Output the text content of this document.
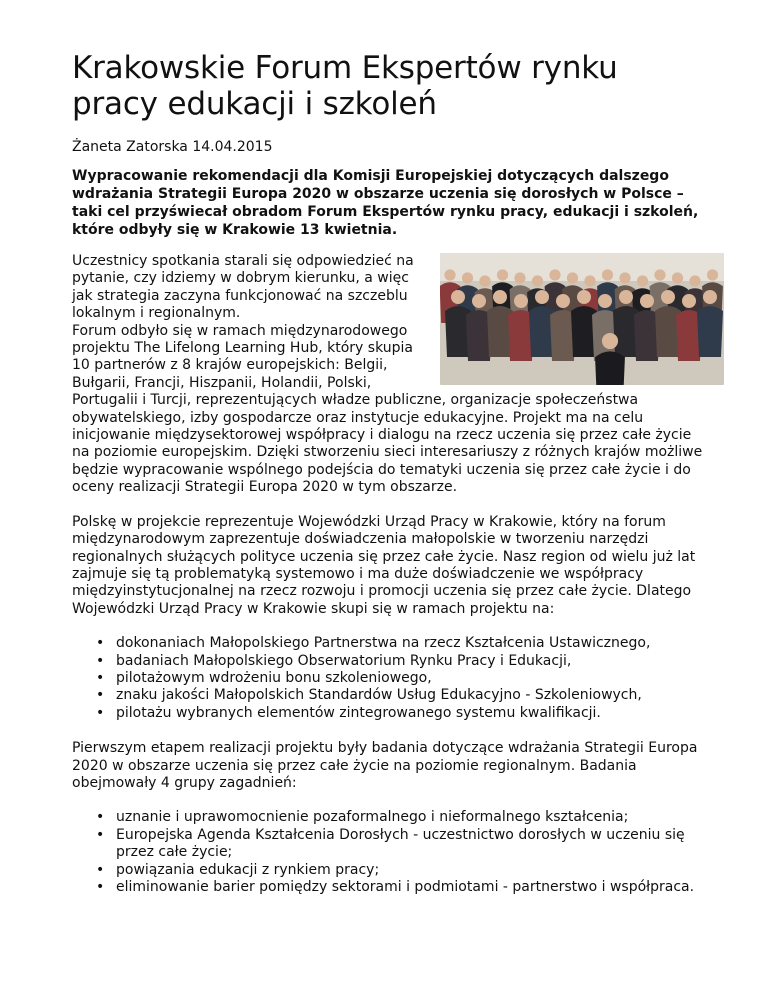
Krakowskie Forum Ekspertów rynku pracy edukacji i szkoleń
Żaneta Zatorska 14.04.2015
Wypracowanie rekomendacji dla Komisji Europejskiej dotyczących dalszego wdrażania Strategii Europa 2020 w obszarze uczenia się dorosłych w Polsce – taki cel przyświecał obradom Forum Ekspertów rynku pracy, edukacji i szkoleń, które odbyły się w Krakowie 13 kwietnia.

Uczestnicy spotkania starali się odpowiedzieć na pytanie, czy idziemy w dobrym kierunku, a więc jak strategia zaczyna funkcjonować na szczeblu lokalnym i regionalnym.

Forum odbyło się w ramach międzynarodowego projektu The Lifelong Learning Hub, który skupia 10 partnerów z 8 krajów europejskich: Belgii, Bułgarii, Francji, Hiszpanii, Holandii, Polski, Portugalii i Turcji, reprezentujących władze publiczne, organizacje społeczeństwa obywatelskiego, izby gospodarcze oraz instytucje edukacyjne. Projekt ma na celu inicjowanie międzysektorowej współpracy i dialogu na rzecz uczenia się przez całe życie na poziomie europejskim. Dzięki stworzeniu sieci interesariuszy z różnych krajów możliwe będzie wypracowanie wspólnego podejścia do tematyki uczenia się przez całe życie i do oceny realizacji Strategii Europa 2020 w tym obszarze.

Polskę w projekcie reprezentuje Wojewódzki Urząd Pracy w Krakowie, który na forum międzynarodowym zaprezentuje doświadczenia małopolskie w tworzeniu narzędzi regionalnych służących polityce uczenia się przez całe życie. Nasz region od wielu już lat zajmuje się tą problematyką systemowo i ma duże doświadczenie we współpracy międzyinstytucjonalnej na rzecz rozwoju i promocji uczenia się przez całe życie. Dlatego Wojewódzki Urząd Pracy w Krakowie skupi się w ramach projektu na:

• dokonaniach Małopolskiego Partnerstwa na rzecz Kształcenia Ustawicznego,
• badaniach Małopolskiego Obserwatorium Rynku Pracy i Edukacji,
• pilotażowym wdrożeniu bonu szkoleniowego,
• znaku jakości Małopolskich Standardów Usług Edukacyjno - Szkoleniowych,
• pilotażu wybranych elementów zintegrowanego systemu kwalifikacji.

Pierwszym etapem realizacji projektu były badania dotyczące wdrażania Strategii Europa 2020 w obszarze uczenia się przez całe życie na poziomie regionalnym. Badania obejmowały 4 grupy zagadnień:

• uznanie i uprawomocnienie pozaformalnego i nieformalnego kształcenia;
• Europejska Agenda Kształcenia Dorosłych - uczestnictwo dorosłych w uczeniu się przez całe życie;
• powiązania edukacji z rynkiem pracy;
• eliminowanie barier pomiędzy sektorami i podmiotami - partnerstwo i współpraca.
